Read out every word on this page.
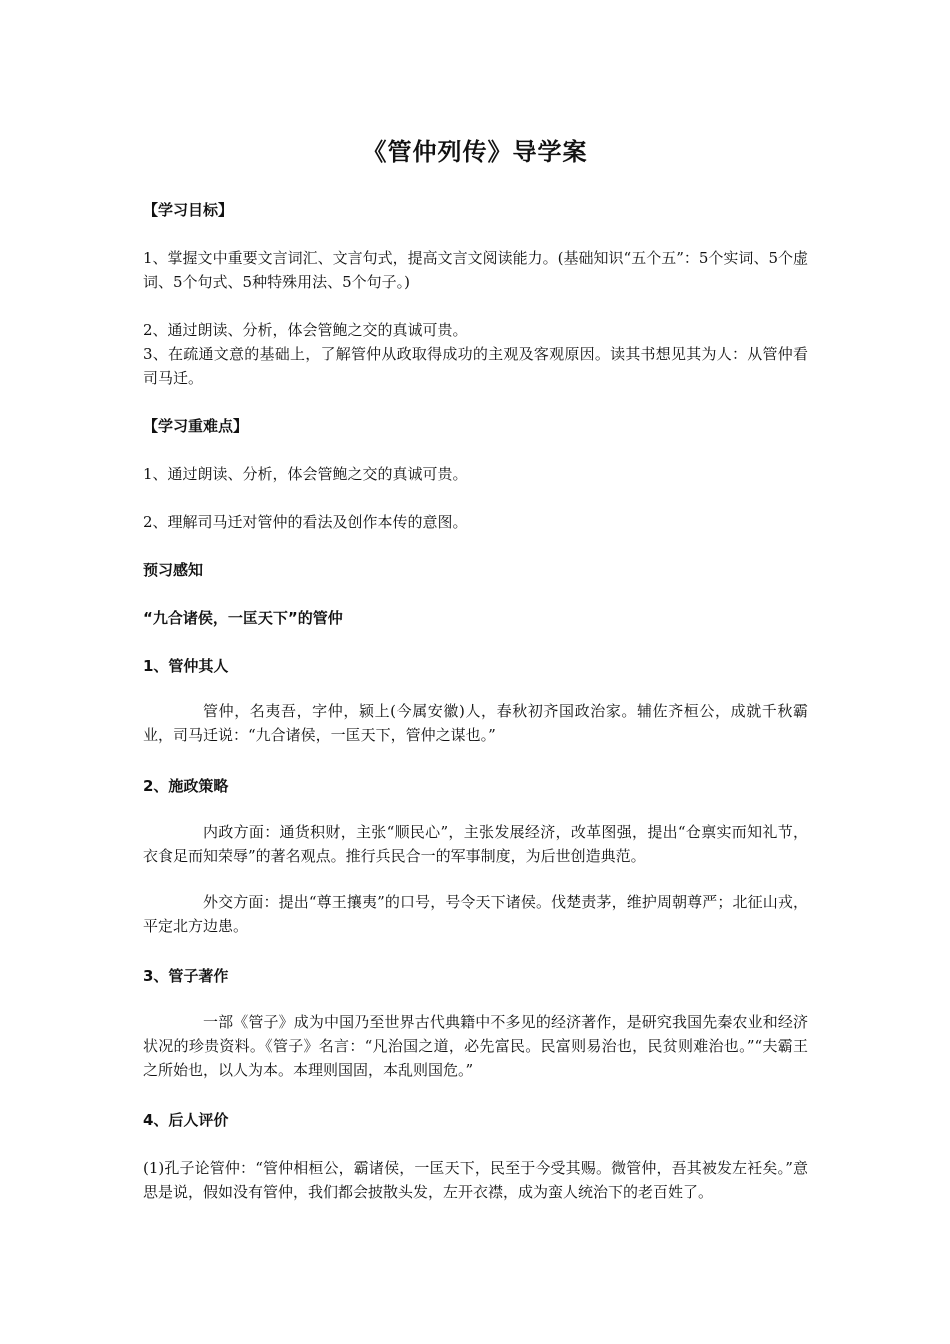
《管仲列传》导学案
【学习目标】
1、掌握文中重要文言词汇、文言句式，提高文言文阅读能力。(基础知识“五个五”：5个实词、5个虚词、5个句式、5种特殊用法、5个句子。)
2、通过朗读、分析，体会管鲍之交的真诚可贵。
3、在疏通文意的基础上，了解管仲从政取得成功的主观及客观原因。读其书想见其为人：从管仲看司马迁。
【学习重难点】
1、通过朗读、分析，体会管鲍之交的真诚可贵。
2、理解司马迁对管仲的看法及创作本传的意图。
预习感知
“九合诸侯，一匡天下”的管仲
1、管仲其人
管仲，名夷吾，字仲，颍上(今属安徽)人，春秋初齐国政治家。辅佐齐桓公，成就千秋霸业，司马迁说：“九合诸侯，一匡天下，管仲之谋也。”
2、施政策略
内政方面：通货积财，主张“顺民心”，主张发展经济，改革图强，提出“仓禀实而知礼节，衣食足而知荣辱”的著名观点。推行兵民合一的军事制度，为后世创造典范。
外交方面：提出“尊王攘夷”的口号，号令天下诸侯。伐楚责茅，维护周朝尊严；北征山戎，平定北方边患。
3、管子著作
一部《管子》成为中国乃至世界古代典籍中不多见的经济著作，是研究我国先秦农业和经济状况的珍贵资料。《管子》名言：“凡治国之道，必先富民。民富则易治也，民贫则难治也。”“夫霸王之所始也，以人为本。本理则国固，本乱则国危。”
4、后人评价
(1)孔子论管仲：“管仲相桓公，霸诸侯，一匡天下，民至于今受其赐。微管仲，吾其被发左衽矣。”意思是说，假如没有管仲，我们都会披散头发，左开衣襟，成为蛮人统治下的老百姓了。
